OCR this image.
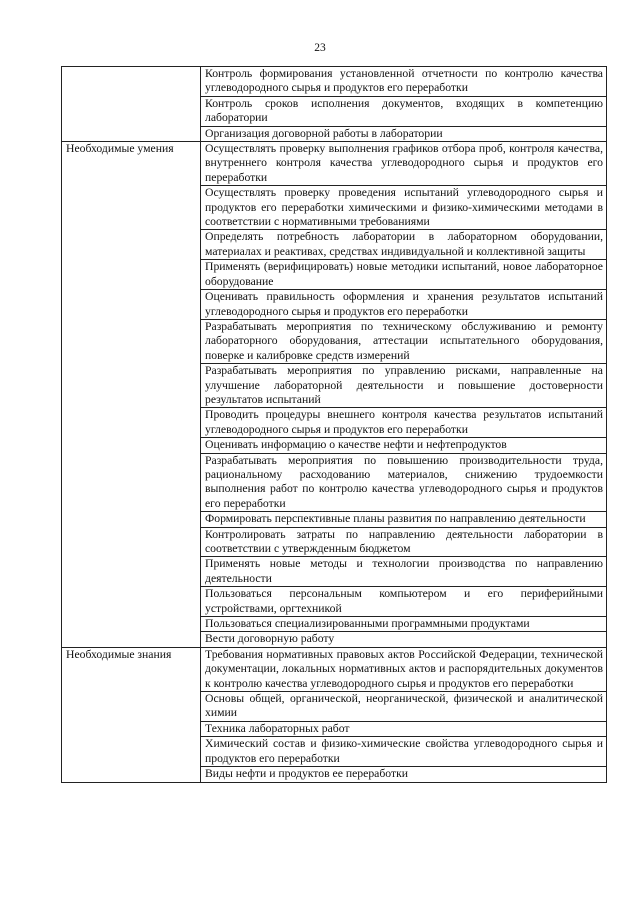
23
	Контроль формирования установленной отчетности по контролю качества углеводородного сырья и продуктов его переработки
	Контроль сроков исполнения документов, входящих в компетенцию лаборатории
	Организация договорной работы в лаборатории
Необходимые умения	Осуществлять проверку выполнения графиков отбора проб, контроля качества, внутреннего контроля качества углеводородного сырья и продуктов его переработки
	Осуществлять проверку проведения испытаний углеводородного сырья и продуктов его переработки химическими и физико-химическими методами в соответствии с нормативными требованиями
	Определять потребность лаборатории в лабораторном оборудовании, материалах и реактивах, средствах индивидуальной и коллективной защиты
	Применять (верифицировать) новые методики испытаний, новое лабораторное оборудование
	Оценивать правильность оформления и хранения результатов испытаний углеводородного сырья и продуктов его переработки
	Разрабатывать мероприятия по техническому обслуживанию и ремонту лабораторного оборудования, аттестации испытательного оборудования, поверке и калибровке средств измерений
	Разрабатывать мероприятия по управлению рисками, направленные на улучшение лабораторной деятельности и повышение достоверности результатов испытаний
	Проводить процедуры внешнего контроля качества результатов испытаний углеводородного сырья и продуктов его переработки
	Оценивать информацию о качестве нефти и нефтепродуктов
	Разрабатывать мероприятия по повышению производительности труда, рациональному расходованию материалов, снижению трудоемкости выполнения работ по контролю качества углеводородного сырья и продуктов его переработки
	Формировать перспективные планы развития по направлению деятельности
	Контролировать затраты по направлению деятельности лаборатории в соответствии с утвержденным бюджетом
	Применять новые методы и технологии производства по направлению деятельности
	Пользоваться персональным компьютером и его периферийными устройствами, оргтехникой
	Пользоваться специализированными программными продуктами
	Вести договорную работу
Необходимые знания	Требования нормативных правовых актов Российской Федерации, технической документации, локальных нормативных актов и распорядительных документов к контролю качества углеводородного сырья и продуктов его переработки
	Основы общей, органической, неорганической, физической и аналитической химии
	Техника лабораторных работ
	Химический состав и физико-химические свойства углеводородного сырья и продуктов его переработки
	Виды нефти и продуктов ее переработки
